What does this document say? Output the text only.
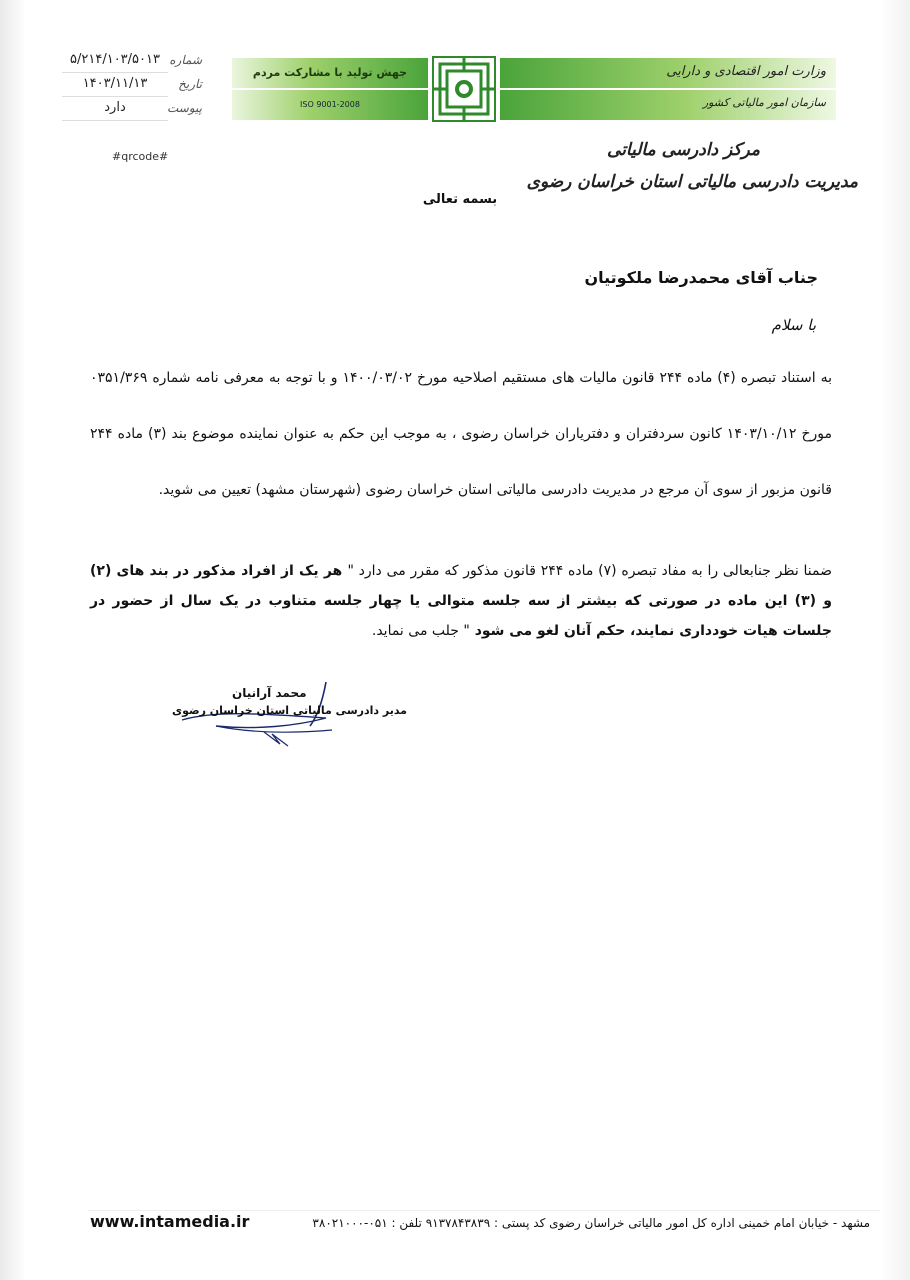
شماره
۵/۲۱۴/۱۰۳/۵۰۱۳
تاریخ
۱۴۰۳/۱۱/۱۳
پیوست
دارد
#qrcode#
جهش تولید با مشارکت مردم
ISO 9001-2008
وزارت امور اقتصادی و دارایی
سازمان امور مالیاتی کشور
مرکز دادرسی مالیاتی
مدیریت دادرسی مالیاتی استان خراسان رضوی
بسمه تعالی
جناب آقای محمدرضا ملکوتیان
با سلام
به استناد تبصره (۴) ماده ۲۴۴ قانون مالیات های مستقیم اصلاحیه مورخ ۱۴۰۰/۰۳/۰۲ و با توجه به معرفی نامه شماره ۰۳۵۱/۳۶۹ مورخ ۱۴۰۳/۱۰/۱۲ کانون سردفتران و دفتریاران خراسان رضوی ، به موجب این حکم به عنوان نماینده موضوع بند (۳) ماده ۲۴۴ قانون مزبور از سوی آن مرجع در مدیریت دادرسی مالیاتی استان خراسان رضوی (شهرستان مشهد) تعیین می شوید.
ضمنا نظر جنابعالی را به مفاد تبصره (۷) ماده ۲۴۴ قانون مذکور که مقرر می دارد " هر یک از افراد مذکور در بند های (۲) و (۳) این ماده در صورتی که بیشتر از سه جلسه متوالی یا چهار جلسه متناوب در یک سال از حضور در جلسات هیات خودداری نمایند، حکم آنان لغو می شود " جلب می نماید.
محمد آرانیان
مدیر دادرسی مالیاتی استان خراسان رضوی
www.intamedia.ir	مشهد - خیابان امام خمینی اداره کل امور مالیاتی خراسان رضوی کد پستی : ۹۱۳۷۸۴۳۸۳۹ تلفن : ۰۵۱-۳۸۰۲۱۰۰۰
